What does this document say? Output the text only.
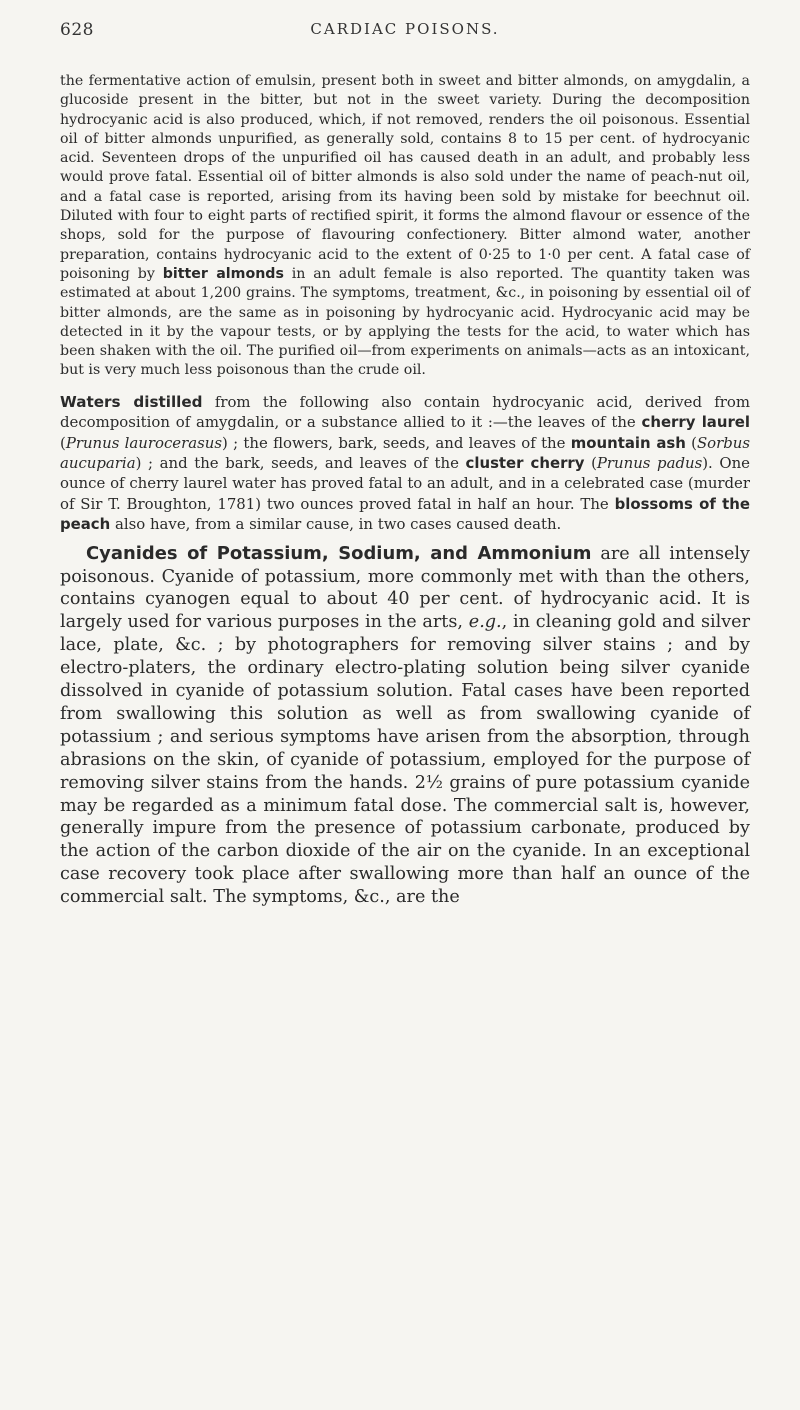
628	CARDIAC POISONS.

the fermentative action of emulsin, present both in sweet and bitter almonds, on amygdalin, a glucoside present in the bitter, but not in the sweet variety. During the decomposition hydrocyanic acid is also produced, which, if not removed, renders the oil poisonous. Essential oil of bitter almonds unpurified, as generally sold, contains 8 to 15 per cent. of hydrocyanic acid. Seventeen drops of the unpurified oil has caused death in an adult, and probably less would prove fatal. Essential oil of bitter almonds is also sold under the name of peach-nut oil, and a fatal case is reported, arising from its having been sold by mistake for beechnut oil. Diluted with four to eight parts of rectified spirit, it forms the almond flavour or essence of the shops, sold for the purpose of flavouring confectionery. Bitter almond water, another preparation, contains hydrocyanic acid to the extent of 0·25 to 1·0 per cent. A fatal case of poisoning by bitter almonds in an adult female is also reported. The quantity taken was estimated at about 1,200 grains. The symptoms, treatment, &c., in poisoning by essential oil of bitter almonds, are the same as in poisoning by hydrocyanic acid. Hydrocyanic acid may be detected in it by the vapour tests, or by applying the tests for the acid, to water which has been shaken with the oil. The purified oil—from experiments on animals—acts as an intoxicant, but is very much less poisonous than the crude oil.

Waters distilled from the following also contain hydrocyanic acid, derived from decomposition of amygdalin, or a substance allied to it :—the leaves of the cherry laurel (Prunus laurocerasus) ; the flowers, bark, seeds, and leaves of the mountain ash (Sorbus aucuparia) ; and the bark, seeds, and leaves of the cluster cherry (Prunus padus). One ounce of cherry laurel water has proved fatal to an adult, and in a celebrated case (murder of Sir T. Broughton, 1781) two ounces proved fatal in half an hour. The blossoms of the peach also have, from a similar cause, in two cases caused death.

Cyanides of Potassium, Sodium, and Ammonium are all intensely poisonous. Cyanide of potassium, more commonly met with than the others, contains cyanogen equal to about 40 per cent. of hydrocyanic acid. It is largely used for various purposes in the arts, e.g., in cleaning gold and silver lace, plate, &c. ; by photographers for removing silver stains ; and by electro-platers, the ordinary electro-plating solution being silver cyanide dissolved in cyanide of potassium solution. Fatal cases have been reported from swallowing this solution as well as from swallowing cyanide of potassium ; and serious symptoms have arisen from the absorption, through abrasions on the skin, of cyanide of potassium, employed for the purpose of removing silver stains from the hands. 2½ grains of pure potassium cyanide may be regarded as a minimum fatal dose. The commercial salt is, however, generally impure from the presence of potassium carbonate, produced by the action of the carbon dioxide of the air on the cyanide. In an exceptional case recovery took place after swallowing more than half an ounce of the commercial salt. The symptoms, &c., are the
